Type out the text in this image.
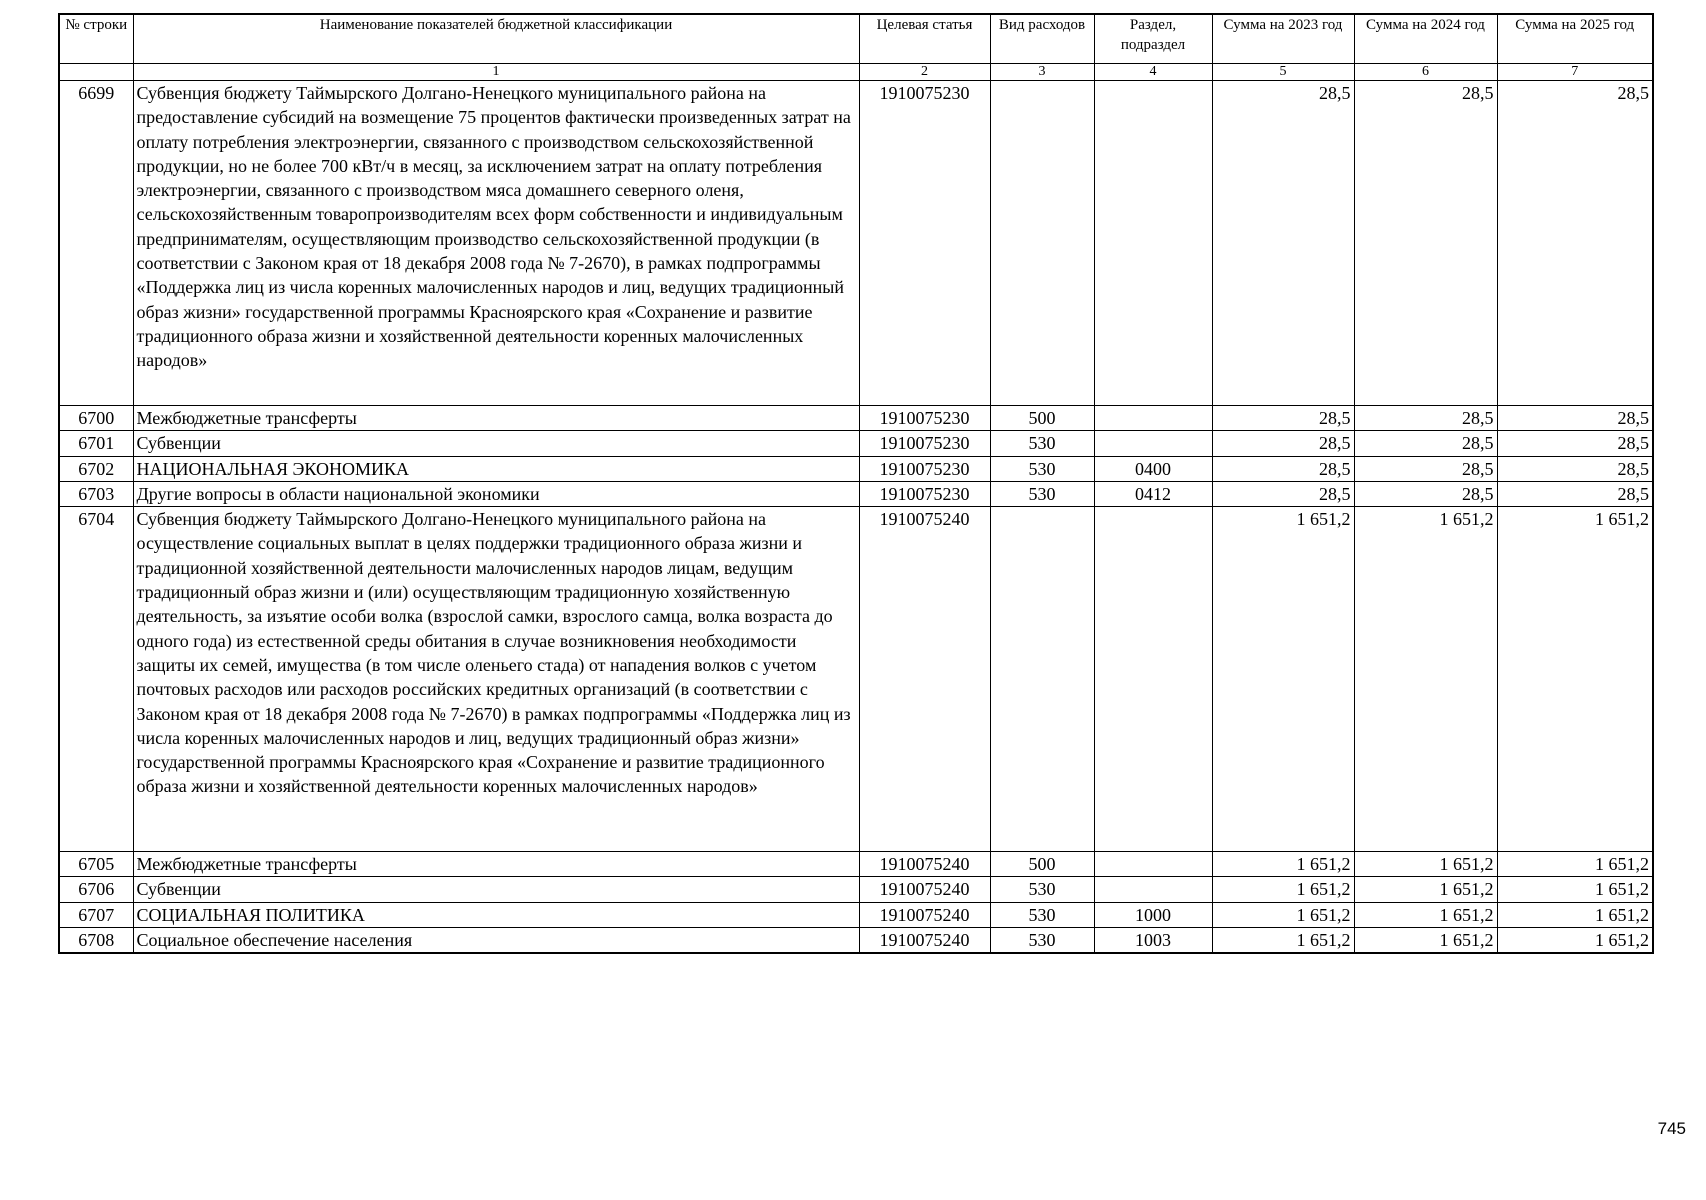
№ строки	Наименование показателей бюджетной классификации	Целевая статья	Вид расходов	Раздел, подраздел	Сумма на 2023 год	Сумма на 2024 год	Сумма на 2025 год
	1	2	3	4	5	6	7
6699	Субвенция бюджету Таймырского Долгано-Ненецкого муниципального района на предоставление субсидий на возмещение 75 процентов фактически произведенных затрат на оплату потребления электроэнергии, связанного с производством сельскохозяйственной продукции, но не более 700 кВт/ч в месяц, за исключением затрат на оплату потребления электроэнергии, связанного с производством мяса домашнего северного оленя, сельскохозяйственным товаропроизводителям всех форм собственности и индивидуальным предпринимателям, осуществляющим производство сельскохозяйственной продукции (в соответствии с Законом края от 18 декабря 2008 года № 7-2670), в рамках подпрограммы «Поддержка лиц из числа коренных малочисленных народов и лиц, ведущих традиционный образ жизни» государственной программы Красноярского края «Сохранение и развитие традиционного образа жизни и хозяйственной деятельности коренных малочисленных народов»	1910075230			28,5	28,5	28,5
6700	Межбюджетные трансферты	1910075230	500		28,5	28,5	28,5
6701	Субвенции	1910075230	530		28,5	28,5	28,5
6702	НАЦИОНАЛЬНАЯ ЭКОНОМИКА	1910075230	530	0400	28,5	28,5	28,5
6703	Другие вопросы в области национальной экономики	1910075230	530	0412	28,5	28,5	28,5
6704	Субвенция бюджету Таймырского Долгано-Ненецкого муниципального района на осуществление социальных выплат в целях поддержки традиционного образа жизни и традиционной хозяйственной деятельности малочисленных народов лицам, ведущим традиционный образ жизни и (или) осуществляющим традиционную хозяйственную деятельность, за изъятие особи волка (взрослой самки, взрослого самца, волка возраста до одного года) из естественной среды обитания в случае возникновения необходимости защиты их семей, имущества (в том числе оленьего стада) от нападения волков с учетом почтовых расходов или расходов российских кредитных организаций (в соответствии с Законом края от 18 декабря 2008 года № 7-2670) в рамках подпрограммы «Поддержка лиц из числа коренных малочисленных народов и лиц, ведущих традиционный образ жизни» государственной программы Красноярского края «Сохранение и развитие традиционного образа жизни и хозяйственной деятельности коренных малочисленных народов»	1910075240			1 651,2	1 651,2	1 651,2
6705	Межбюджетные трансферты	1910075240	500		1 651,2	1 651,2	1 651,2
6706	Субвенции	1910075240	530		1 651,2	1 651,2	1 651,2
6707	СОЦИАЛЬНАЯ ПОЛИТИКА	1910075240	530	1000	1 651,2	1 651,2	1 651,2
6708	Социальное обеспечение населения	1910075240	530	1003	1 651,2	1 651,2	1 651,2
745
